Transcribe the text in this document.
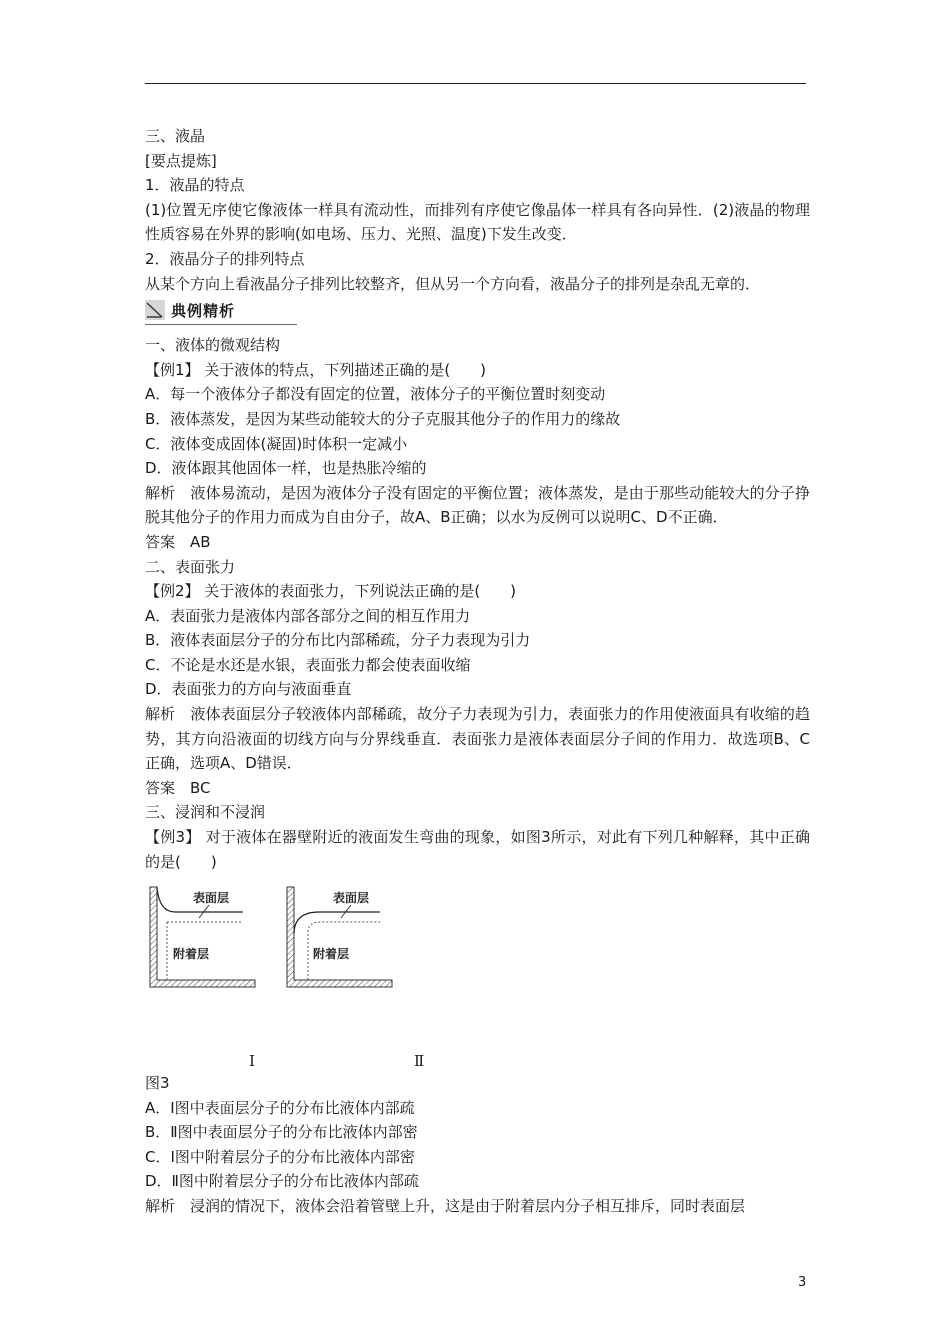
三、液晶

[要点提炼]

1．液晶的特点

(1)位置无序使它像液体一样具有流动性，而排列有序使它像晶体一样具有各向异性．(2)液晶的物理性质容易在外界的影响(如电场、压力、光照、温度)下发生改变．

2．液晶分子的排列特点

从某个方向上看液晶分子排列比较整齐，但从另一个方向看，液晶分子的排列是杂乱无章的．

典例精析

一、液体的微观结构

【例1】 关于液体的特点，下列描述正确的是(　　)

A．每一个液体分子都没有固定的位置，液体分子的平衡位置时刻变动

B．液体蒸发，是因为某些动能较大的分子克服其他分子的作用力的缘故

C．液体变成固体(凝固)时体积一定减小

D．液体跟其他固体一样，也是热胀冷缩的

解析　液体易流动，是因为液体分子没有固定的平衡位置；液体蒸发，是由于那些动能较大的分子挣脱其他分子的作用力而成为自由分子，故A、B正确；以水为反例可以说明C、D不正确．

答案　AB

二、表面张力

【例2】 关于液体的表面张力，下列说法正确的是(　　)

A．表面张力是液体内部各部分之间的相互作用力

B．液体表面层分子的分布比内部稀疏，分子力表现为引力

C．不论是水还是水银，表面张力都会使表面收缩

D．表面张力的方向与液面垂直

解析　液体表面层分子较液体内部稀疏，故分子力表现为引力，表面张力的作用使液面具有收缩的趋势，其方向沿液面的切线方向与分界线垂直．表面张力是液体表面层分子间的作用力．故选项B、C正确，选项A、D错误．

答案　BC

三、浸润和不浸润

【例3】 对于液体在器壁附近的液面发生弯曲的现象，如图3所示，对此有下列几种解释，其中正确的是(　　)

表面层
附着层
表面层
附着层
Ⅰ	Ⅱ

图3

A．Ⅰ图中表面层分子的分布比液体内部疏

B．Ⅱ图中表面层分子的分布比液体内部密

C．Ⅰ图中附着层分子的分布比液体内部密

D．Ⅱ图中附着层分子的分布比液体内部疏

解析　浸润的情况下，液体会沿着管壁上升，这是由于附着层内分子相互排斥，同时表面层

3
